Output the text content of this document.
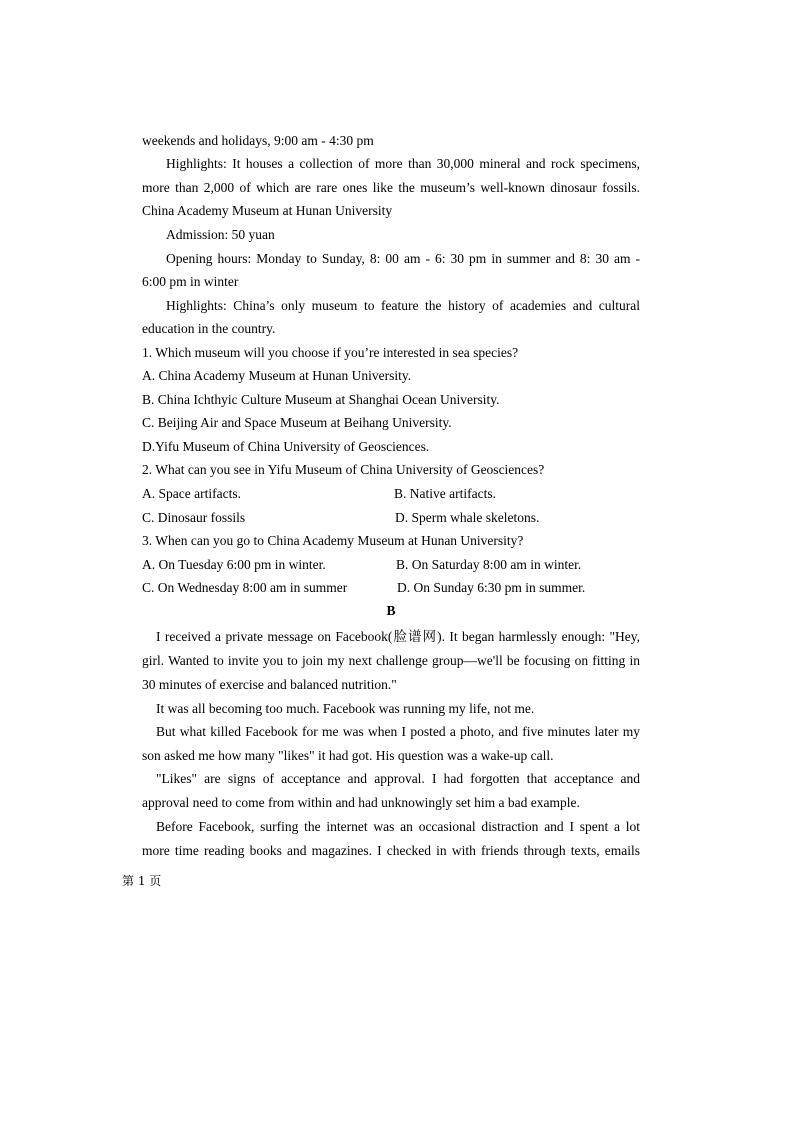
weekends and holidays, 9:00 am - 4:30 pm
Highlights: It houses a collection of more than 30,000 mineral and rock specimens,
more than 2,000 of which are rare ones like the museum’s well-known dinosaur fossils.
China Academy Museum at Hunan University
Admission: 50 yuan
Opening hours: Monday to Sunday, 8: 00 am - 6: 30 pm in summer and 8: 30 am -
6:00 pm in winter
Highlights: China’s only museum to feature the history of academies and cultural
education in the country.
1. Which museum will you choose if you’re interested in sea species?
A. China Academy Museum at Hunan University.
B. China Ichthyic Culture Museum at Shanghai Ocean University.
C. Beijing Air and Space Museum at Beihang University.
D.Yifu Museum of China University of Geosciences.
2. What can you see in Yifu Museum of China University of Geosciences?
A. Space artifacts.	B. Native artifacts.
C. Dinosaur fossils	D. Sperm whale skeletons.
3. When can you go to China Academy Museum at Hunan University?
A. On Tuesday 6:00 pm in winter.	B. On Saturday 8:00 am in winter.
C. On Wednesday 8:00 am in summer	D. On Sunday 6:30 pm in summer.
B
I received a private message on Facebook(脸谱网). It began harmlessly enough: "Hey,
girl. Wanted to invite you to join my next challenge group—we'll be focusing on fitting in
30 minutes of exercise and balanced nutrition."
It was all becoming too much. Facebook was running my life, not me.
But what killed Facebook for me was when I posted a photo, and five minutes later my
son asked me how many "likes" it had got. His question was a wake-up call.
"Likes" are signs of acceptance and approval. I had forgotten that acceptance and
approval need to come from within and had unknowingly set him a bad example.
Before Facebook, surfing the internet was an occasional distraction and I spent a lot
more time reading books and magazines. I checked in with friends through texts, emails
第 1 页
